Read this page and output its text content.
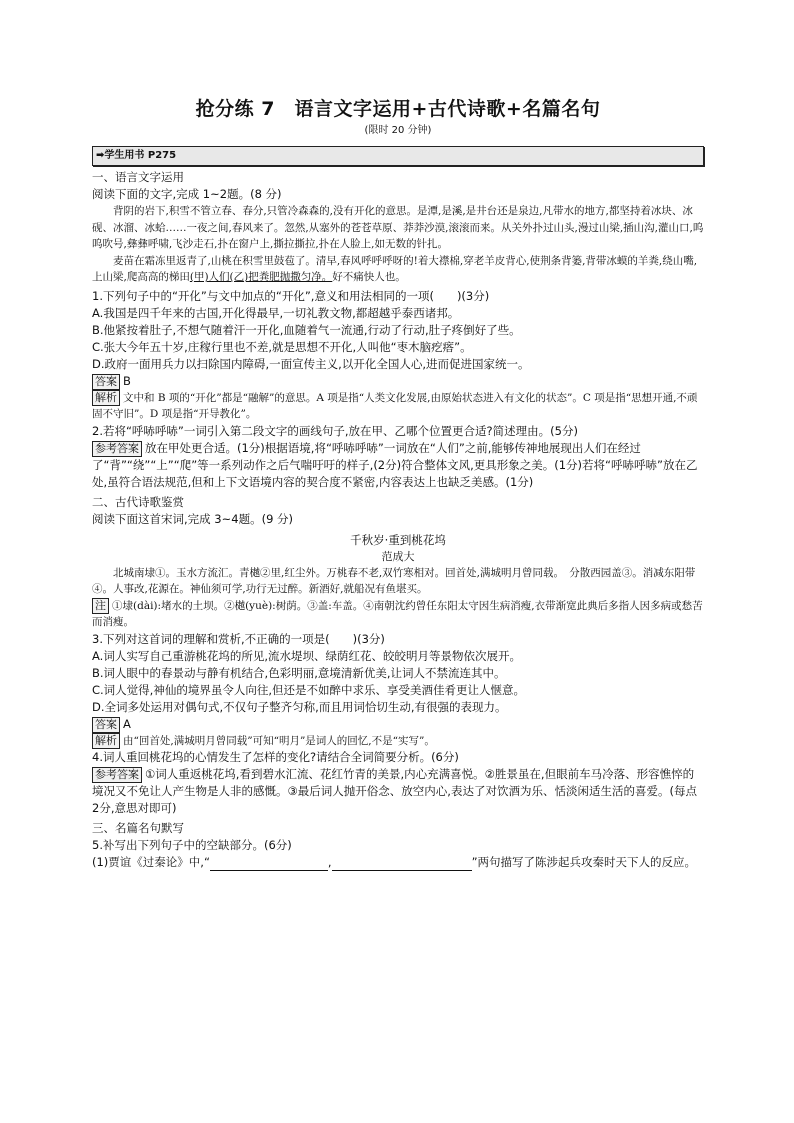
抢分练 7　语言文字运用+古代诗歌+名篇名句
(限时 20 分钟)
➡学生用书 P275
一、语言文字运用
阅读下面的文字,完成 1~2题。(8 分)
背阴的岩下,积雪不管立春、春分,只管冷森森的,没有开化的意思。是潭,是溪,是井台还是泉边,凡带水的地方,都坚持着冰块、冰砚、冰溜、冰蛤……一夜之间,春风来了。忽然,从塞外的苍苍草原、莽莽沙漠,滚滚而来。从关外扑过山头,漫过山梁,插山沟,灌山口,呜呜吹号,彝彝呼啸,飞沙走石,扑在窗户上,撕拉撕拉,扑在人脸上,如无数的针扎。
麦苗在霜冻里返青了,山桃在积雪里鼓苞了。清早,春风呼呼呼呀的!着大襟棉,穿老羊皮背心,使荆条背篓,背带冰蟆的羊粪,绕山嘴,上山梁,爬高高的梯田(甲)人们(乙)把粪肥抛撒匀净。好不痛快人也。
1.下列句子中的“开化”与文中加点的“开化”,意义和用法相同的一项(　　)(3分)
A.我国是四千年来的古国,开化得最早,一切礼教文物,都超越乎泰西诸邦。
B.他紧按着肚子,不想气随着汗一开化,血随着气一流通,行动了行动,肚子疼倒好了些。
C.张大今年五十岁,庄稼行里也不差,就是思想不开化,人叫他“枣木脑疙瘩”。
D.政府一面用兵力以扫除国内障碍,一面宣传主义,以开化全国人心,进而促进国家统一。
答案 B
解析 文中和 B 项的“开化”都是“融解”的意思。A 项是指“人类文化发展,由原始状态进入有文化的状态”。C 项是指“思想开通,不顽固不守旧”。D 项是指“开导教化”。
2.若将“呼哧呼哧”一词引入第二段文字的画线句子,放在甲、乙哪个位置更合适?简述理由。(5分)
参考答案 放在甲处更合适。(1分)根据语境,将“呼哧呼哧”一词放在“人们”之前,能够传神地展现出人们在经过了“背”“绕”“上”“爬”等一系列动作之后气喘吁吁的样子,(2分)符合整体文风,更具形象之美。(1分)若将“呼哧呼哧”放在乙处,虽符合语法规范,但和上下文语境内容的契合度不紧密,内容表达上也缺乏美感。(1分)
二、古代诗歌鉴赏
阅读下面这首宋词,完成 3~4题。(9 分)
千秋岁·重到桃花坞
范成大
北城南埭①。玉水方流汇。青樾②里,红尘外。万桃春不老,双竹寒相对。回首处,满城明月曾同载。　分散西园盖③。消减东阳带④。人事改,花源在。神仙须可学,功行无过醉。新酒好,就船况有鱼堪买。
注 ①埭(dài):堵水的土坝。②樾(yuè):树荫。③盖:车盖。④南朝沈约曾任东阳太守因生病消瘦,衣带渐宽此典后多指人因多病或愁苦而消瘦。
3.下列对这首词的理解和赏析,不正确的一项是(　　)(3分)
A.词人实写自己重游桃花坞的所见,流水堤坝、绿荫红花、皎皎明月等景物依次展开。
B.词人眼中的春景动与静有机结合,色彩明丽,意境清新优美,让词人不禁流连其中。
C.词人觉得,神仙的境界虽令人向往,但还是不如醉中求乐、享受美酒佳肴更让人惬意。
D.全词多处运用对偶句式,不仅句子整齐匀称,而且用词恰切生动,有很强的表现力。
答案 A
解析 由“回首处,满城明月曾同载”可知“明月”是词人的回忆,不是“实写”。
4.词人重回桃花坞的心情发生了怎样的变化?请结合全词简要分析。(6分)
参考答案 ①词人重返桃花坞,看到碧水汇流、花红竹青的美景,内心充满喜悦。②胜景虽在,但眼前车马冷落、形容憔悴的境况又不免让人产生物是人非的感慨。③最后词人抛开俗念、放空内心,表达了对饮酒为乐、恬淡闲适生活的喜爱。(每点 2分,意思对即可)
三、名篇名句默写
5.补写出下列句子中的空缺部分。(6分)
(1)贾谊《过秦论》中,“	,	”两句描写了陈涉起兵攻秦时天下人的反应。
